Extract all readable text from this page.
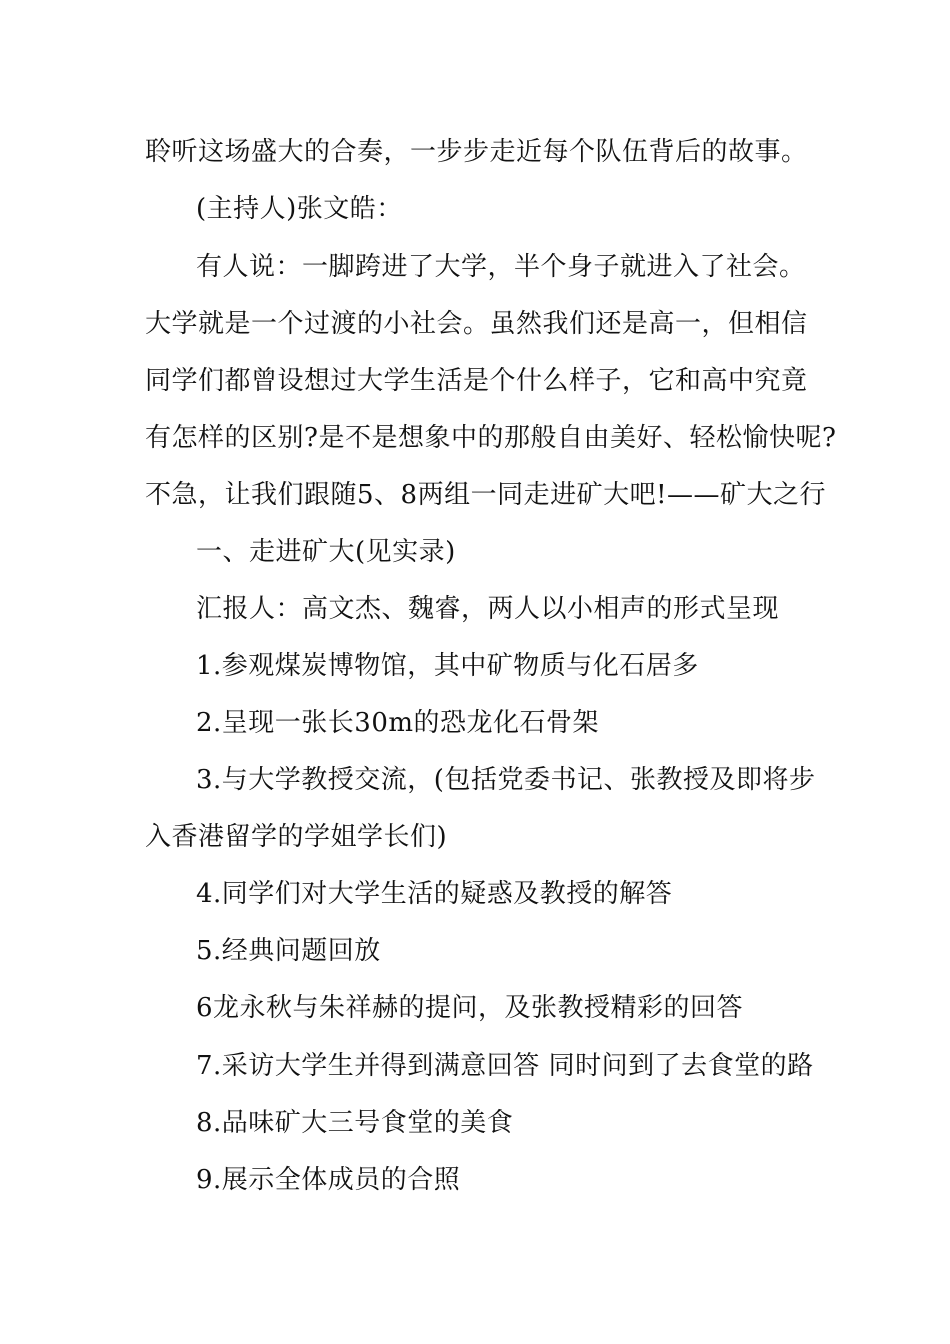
聆听这场盛大的合奏，一步步走近每个队伍背后的故事。
(主持人)张文皓：
有人说：一脚跨进了大学，半个身子就进入了社会。
大学就是一个过渡的小社会。虽然我们还是高一，但相信
同学们都曾设想过大学生活是个什么样子，它和高中究竟
有怎样的区别?是不是想象中的那般自由美好、轻松愉快呢?
不急，让我们跟随5、8两组一同走进矿大吧!——矿大之行
一、走进矿大(见实录)
汇报人：高文杰、魏睿，两人以小相声的形式呈现
1.参观煤炭博物馆，其中矿物质与化石居多
2.呈现一张长30m的恐龙化石骨架
3.与大学教授交流，(包括党委书记、张教授及即将步
入香港留学的学姐学长们)
4.同学们对大学生活的疑惑及教授的解答
5.经典问题回放
6龙永秋与朱祥赫的提问，及张教授精彩的回答
7.采访大学生并得到满意回答 同时问到了去食堂的路
8.品味矿大三号食堂的美食
9.展示全体成员的合照
